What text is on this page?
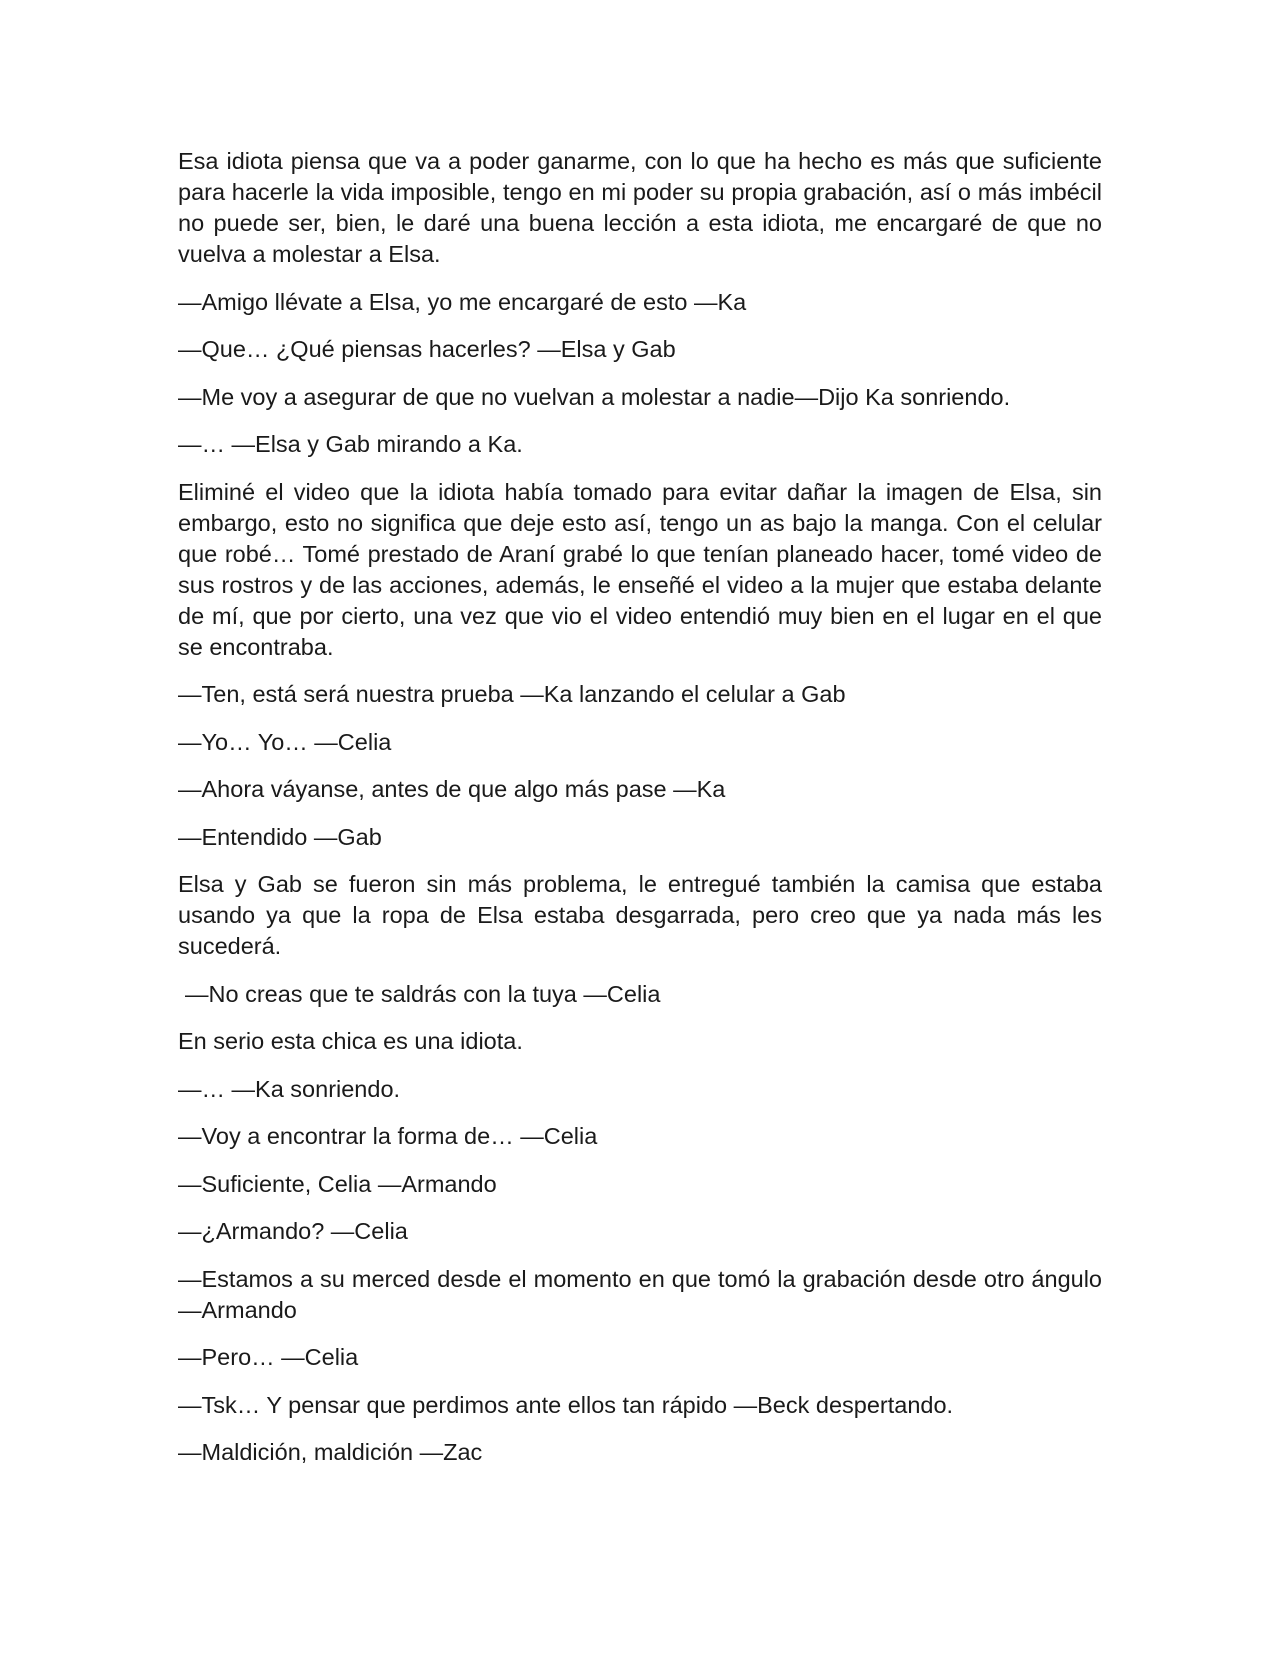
Esa idiota piensa que va a poder ganarme, con lo que ha hecho es más que suficiente para hacerle la vida imposible, tengo en mi poder su propia grabación, así o más imbécil no puede ser, bien, le daré una buena lección a esta idiota, me encargaré de que no vuelva a molestar a Elsa.

—Amigo llévate a Elsa, yo me encargaré de esto —Ka

—Que… ¿Qué piensas hacerles? —Elsa y Gab

—Me voy a asegurar de que no vuelvan a molestar a nadie—Dijo Ka sonriendo.

—… —Elsa y Gab mirando a Ka.

Eliminé el video que la idiota había tomado para evitar dañar la imagen de Elsa, sin embargo, esto no significa que deje esto así, tengo un as bajo la manga. Con el celular que robé… Tomé prestado de Araní grabé lo que tenían planeado hacer, tomé video de sus rostros y de las acciones, además, le enseñé el video a la mujer que estaba delante de mí, que por cierto, una vez que vio el video entendió muy bien en el lugar en el que se encontraba.

—Ten, está será nuestra prueba —Ka lanzando el celular a Gab

—Yo… Yo… —Celia

—Ahora váyanse, antes de que algo más pase —Ka

—Entendido —Gab

Elsa y Gab se fueron sin más problema, le entregué también la camisa que estaba usando ya que la ropa de Elsa estaba desgarrada, pero creo que ya nada más les sucederá.

—No creas que te saldrás con la tuya —Celia

En serio esta chica es una idiota.

—… —Ka sonriendo.

—Voy a encontrar la forma de… —Celia

—Suficiente, Celia —Armando

—¿Armando? —Celia

—Estamos a su merced desde el momento en que tomó la grabación desde otro ángulo —Armando

—Pero… —Celia

—Tsk… Y pensar que perdimos ante ellos tan rápido —Beck despertando.

—Maldición, maldición —Zac
